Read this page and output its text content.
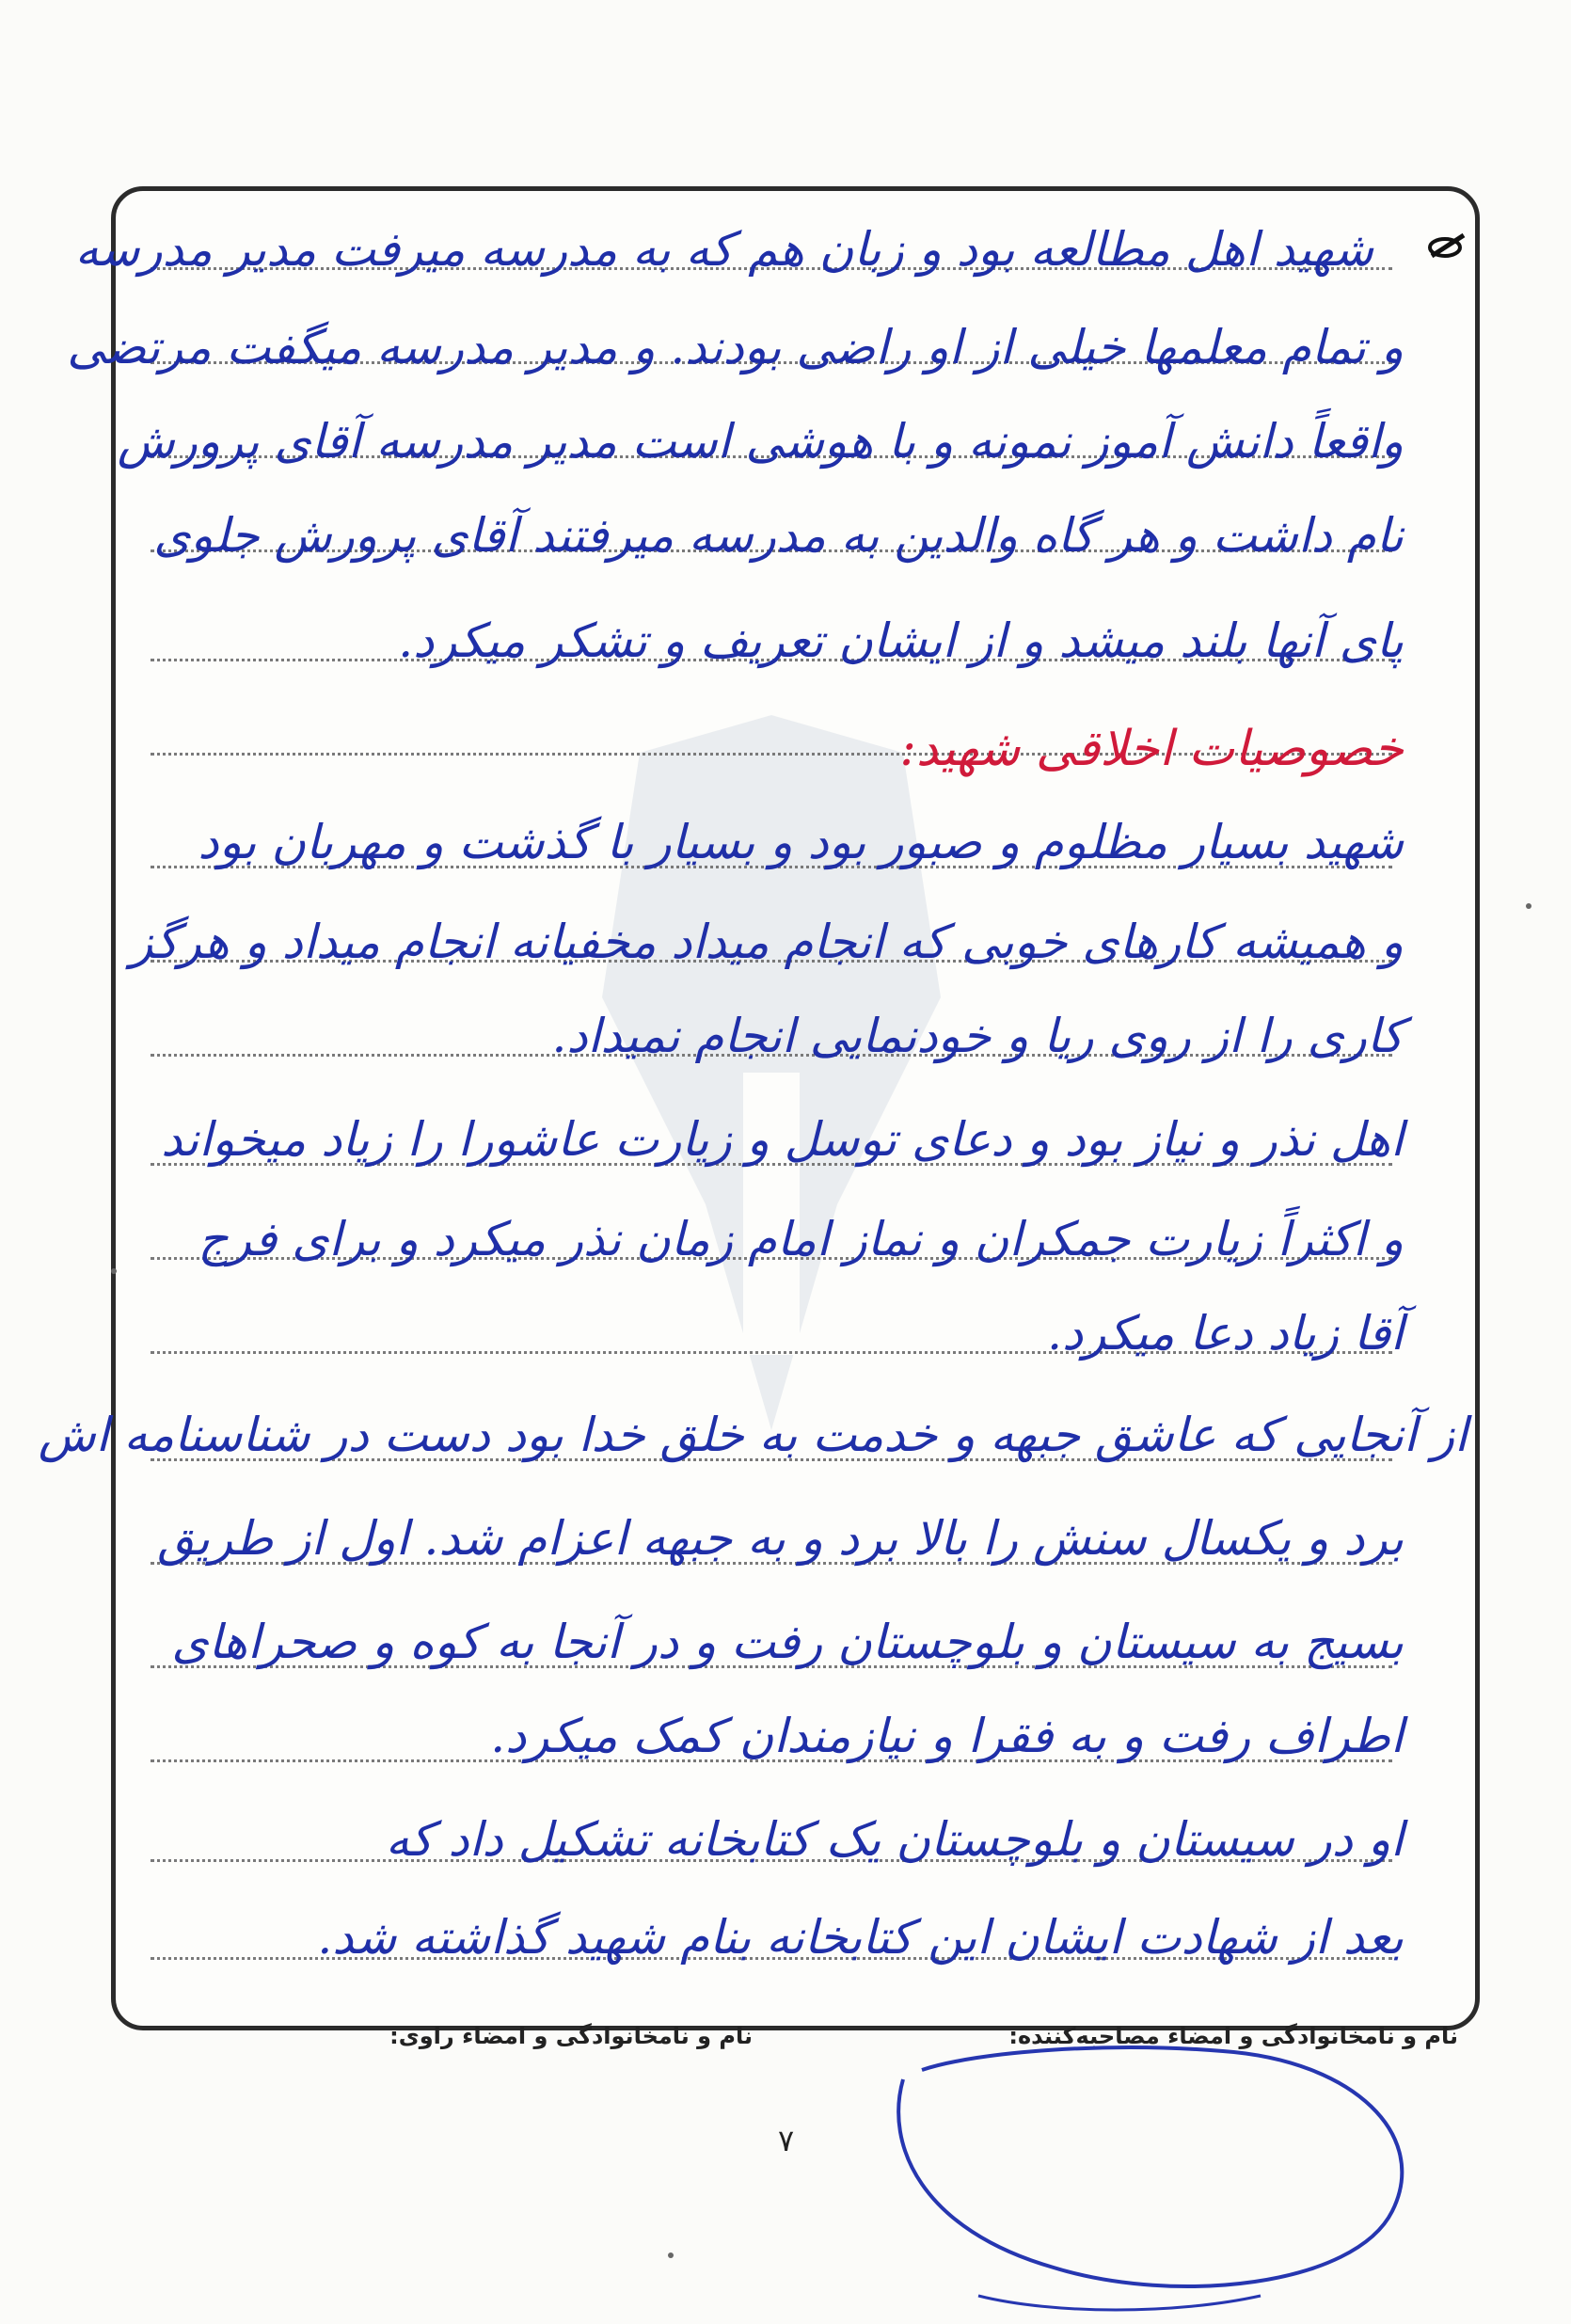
شهید اهل مطالعه بود و زبان هم که به مدرسه میرفت مدیر مدرسه
و تمام معلمها خیلی از او راضی بودند. و مدیر مدرسه میگفت مرتضی
واقعاً دانش آموز نمونه و با هوشی است مدیر مدرسه آقای پرورش
نام داشت و هر گاه والدین به مدرسه میرفتند آقای پرورش جلوی
پای آنها بلند میشد و از ایشان تعریف و تشکر میکرد.
خصوصیات اخلاقی شهید:
شهید بسیار مظلوم و صبور بود و بسیار با گذشت و مهربان بود
و همیشه کارهای خوبی که انجام میداد مخفیانه انجام میداد و هرگز
کاری را از روی ریا و خودنمایی انجام نمیداد.
اهل نذر و نیاز بود و دعای توسل و زیارت عاشورا را زیاد میخواند
و اکثراً زیارت جمکران و نماز امام زمان نذر میکرد و برای فرج
آقا زیاد دعا میکرد.
از آنجایی که عاشق جبهه و خدمت به خلق خدا بود دست در شناسنامه اش
برد و یکسال سنش را بالا برد و به جبهه اعزام شد. اول از طریق
بسیج به سیستان و بلوچستان رفت و در آنجا به کوه و صحراهای
اطراف رفت و به فقرا و نیازمندان کمک میکرد.
او در سیستان و بلوچستان یک کتابخانه تشکیل داد که
بعد از شهادت ایشان این کتابخانه بنام شهید گذاشته شد.
نام و نامخانوادگی و امضاء مصاحبه‌کننده:
نام و نامخانوادگی و امضاء راوی:
۷
